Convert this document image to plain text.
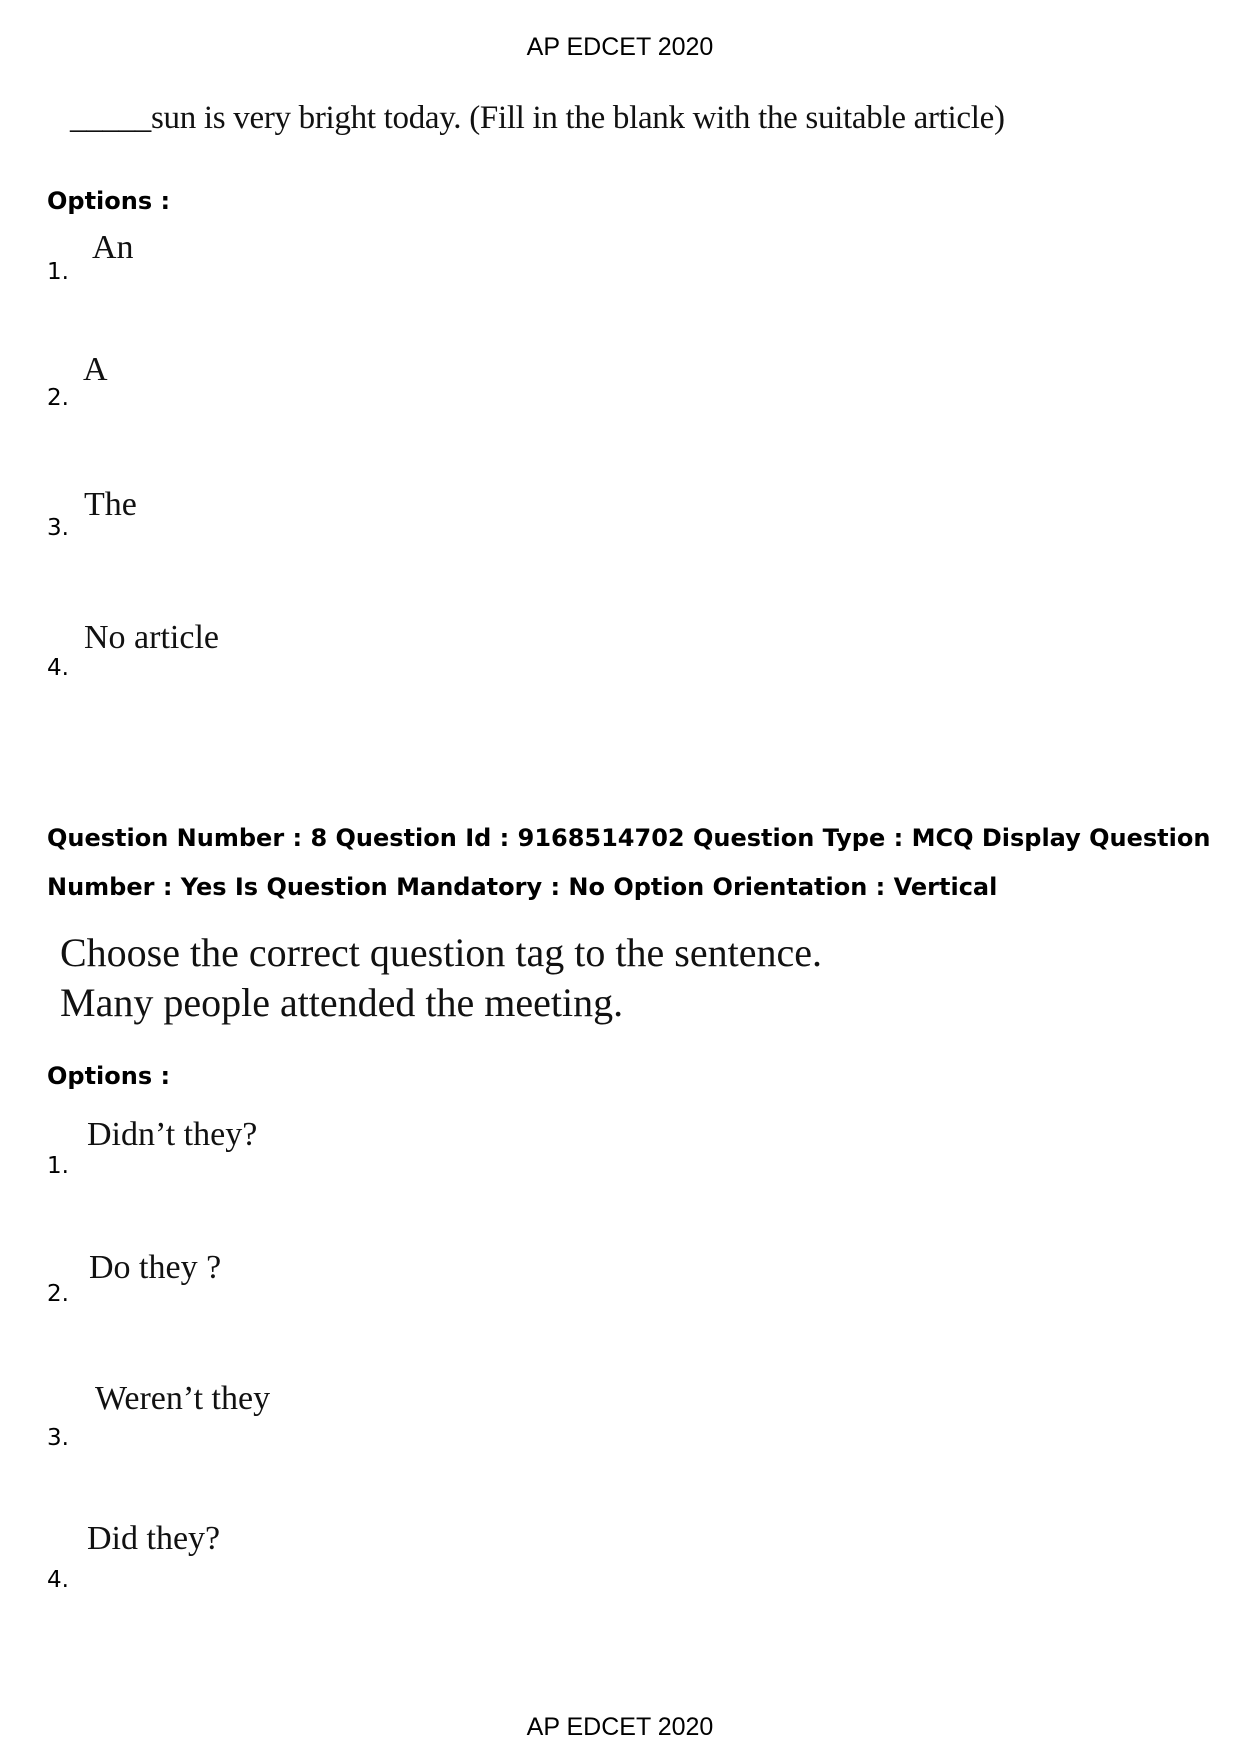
AP EDCET 2020
_____sun is very bright today. (Fill in the blank with the suitable article)
Options :
1.
An
2.
A
3.
The
4.
No article
Question Number : 8 Question Id : 9168514702 Question Type : MCQ Display Question
Number : Yes Is Question Mandatory : No Option Orientation : Vertical
Choose the correct question tag to the sentence.
Many people attended the meeting.
Options :
1.
Didn’t they?
2.
Do they ?
3.
Weren’t they
4.
Did they?
AP EDCET 2020
